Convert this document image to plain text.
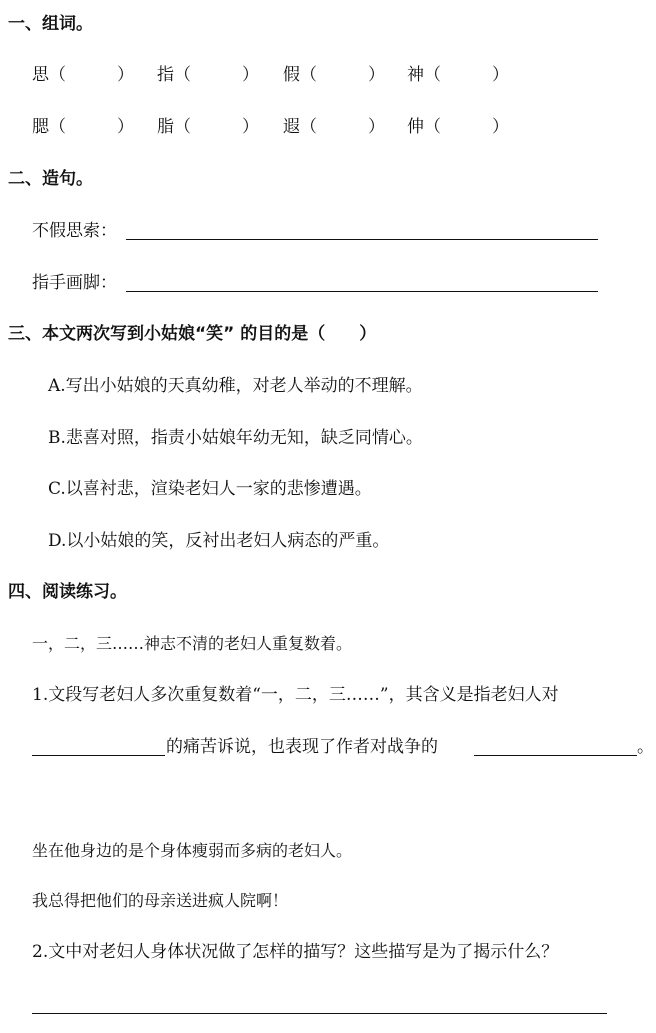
一、组词。
思（　　　） 指（　　　） 假（　　　） 神（　　　）
腮（　　　） 脂（　　　） 遐（　　　） 伸（　　　）
二、造句。
不假思索：
指手画脚：
三、本文两次写到小姑娘“笑” 的目的是（　　）
A.写出小姑娘的天真幼稚，对老人举动的不理解。
B.悲喜对照，指责小姑娘年幼无知，缺乏同情心。
C.以喜衬悲，渲染老妇人一家的悲惨遭遇。
D.以小姑娘的笑，反衬出老妇人病态的严重。
四、阅读练习。
一，二，三……神志不清的老妇人重复数着。
1.文段写老妇人多次重复数着“一，二，三……”，其含义是指老妇人对
的痛苦诉说，也表现了作者对战争的	。
坐在他身边的是个身体瘦弱而多病的老妇人。
我总得把他们的母亲送进疯人院啊！
2.文中对老妇人身体状况做了怎样的描写？这些描写是为了揭示什么？
